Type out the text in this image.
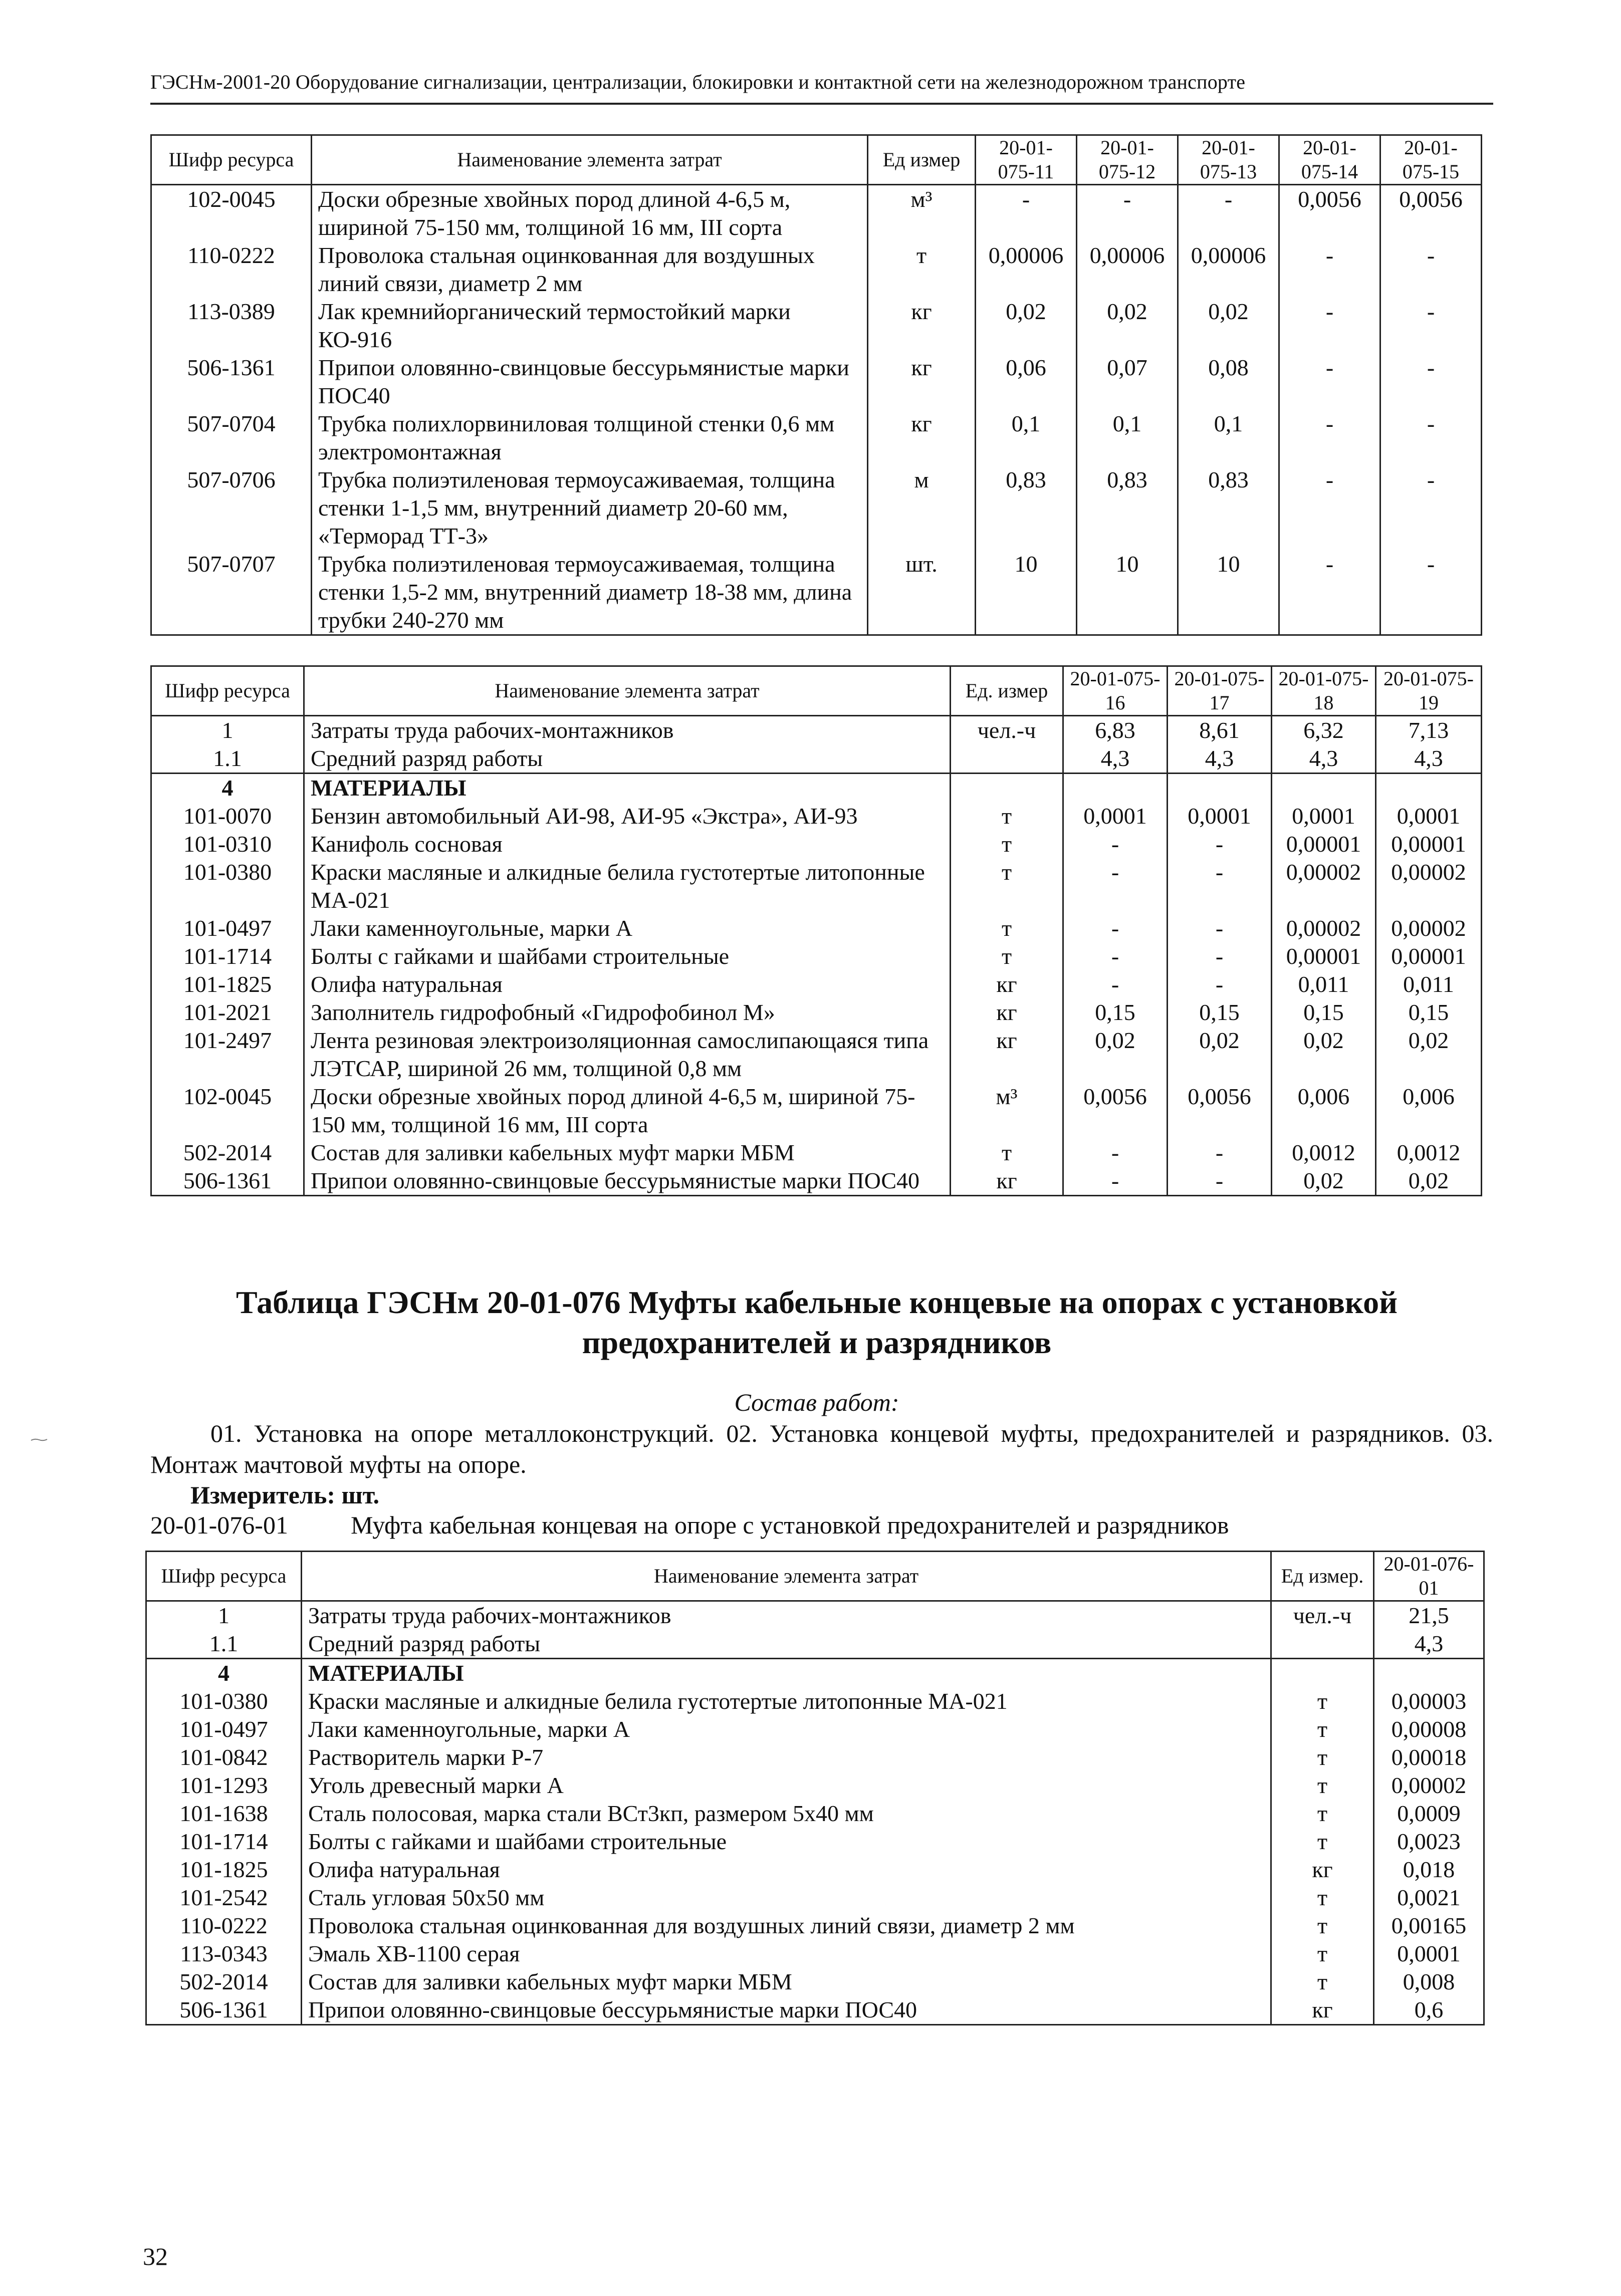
ГЭСНм-2001-20 Оборудование сигнализации, централизации, блокировки и контактной сети на железнодорожном транспорте
Шифр ресурса	Наименование элемента затрат	Ед измер	20-01-075-11	20-01-075-12	20-01-075-13	20-01-075-14	20-01-075-15
102-0045	Доски обрезные хвойных пород длиной 4-6,5 м, шириной 75-150 мм, толщиной 16 мм, III сорта	м³	-	-	-	0,0056	0,0056
110-0222	Проволока стальная оцинкованная для воздушных линий связи, диаметр 2 мм	т	0,00006	0,00006	0,00006	-	-
113-0389	Лак кремнийорганический термостойкий марки КО-916	кг	0,02	0,02	0,02	-	-
506-1361	Припои оловянно-свинцовые бессурьмянистые марки ПОС40	кг	0,06	0,07	0,08	-	-
507-0704	Трубка полихлорвиниловая толщиной стенки 0,6 мм электромонтажная	кг	0,1	0,1	0,1	-	-
507-0706	Трубка полиэтиленовая термоусаживаемая, толщина стенки 1-1,5 мм, внутренний диаметр 20-60 мм, «Терморад ТТ-3»	м	0,83	0,83	0,83	-	-
507-0707	Трубка полиэтиленовая термоусаживаемая, толщина стенки 1,5-2 мм, внутренний диаметр 18-38 мм, длина трубки 240-270 мм	шт.	10	10	10	-	-
Шифр ресурса	Наименование элемента затрат	Ед. измер	20-01-075-16	20-01-075-17	20-01-075-18	20-01-075-19
1	Затраты труда рабочих-монтажников	чел.-ч	6,83	8,61	6,32	7,13
1.1	Средний разряд работы		4,3	4,3	4,3	4,3
4	МАТЕРИАЛЫ					
101-0070	Бензин автомобильный АИ-98, АИ-95 «Экстра», АИ-93	т	0,0001	0,0001	0,0001	0,0001
101-0310	Канифоль сосновая	т	-	-	0,00001	0,00001
101-0380	Краски масляные и алкидные белила густотертые литопонные МА-021	т	-	-	0,00002	0,00002
101-0497	Лаки каменноугольные, марки А	т	-	-	0,00002	0,00002
101-1714	Болты с гайками и шайбами строительные	т	-	-	0,00001	0,00001
101-1825	Олифа натуральная	кг	-	-	0,011	0,011
101-2021	Заполнитель гидрофобный «Гидрофобинол М»	кг	0,15	0,15	0,15	0,15
101-2497	Лента резиновая электроизоляционная самослипающаяся типа ЛЭТСАР, шириной 26 мм, толщиной 0,8 мм	кг	0,02	0,02	0,02	0,02
102-0045	Доски обрезные хвойных пород длиной 4-6,5 м, шириной 75-150 мм, толщиной 16 мм, III сорта	м³	0,0056	0,0056	0,006	0,006
502-2014	Состав для заливки кабельных муфт марки МБМ	т	-	-	0,0012	0,0012
506-1361	Припои оловянно-свинцовые бессурьмянистые марки ПОС40	кг	-	-	0,02	0,02
Таблица ГЭСНм 20-01-076 Муфты кабельные концевые на опорах с установкой предохранителей и разрядников
Состав работ:
01. Установка на опоре металлоконструкций. 02. Установка концевой муфты, предохранителей и разрядников. 03. Монтаж мачтовой муфты на опоре.
Измеритель: шт.
20-01-076-01	Муфта кабельная концевая на опоре с установкой предохранителей и разрядников
Шифр ресурса	Наименование элемента затрат	Ед измер.	20-01-076-01
1	Затраты труда рабочих-монтажников	чел.-ч	21,5
1.1	Средний разряд работы		4,3
4	МАТЕРИАЛЫ		
101-0380	Краски масляные и алкидные белила густотертые литопонные МА-021	т	0,00003
101-0497	Лаки каменноугольные, марки А	т	0,00008
101-0842	Растворитель марки Р-7	т	0,00018
101-1293	Уголь древесный марки А	т	0,00002
101-1638	Сталь полосовая, марка стали ВСт3кп, размером 5х40 мм	т	0,0009
101-1714	Болты с гайками и шайбами строительные	т	0,0023
101-1825	Олифа натуральная	кг	0,018
101-2542	Сталь угловая 50х50 мм	т	0,0021
110-0222	Проволока стальная оцинкованная для воздушных линий связи, диаметр 2 мм	т	0,00165
113-0343	Эмаль ХВ-1100 серая	т	0,0001
502-2014	Состав для заливки кабельных муфт марки МБМ	т	0,008
506-1361	Припои оловянно-свинцовые бессурьмянистые марки ПОС40	кг	0,6
32
